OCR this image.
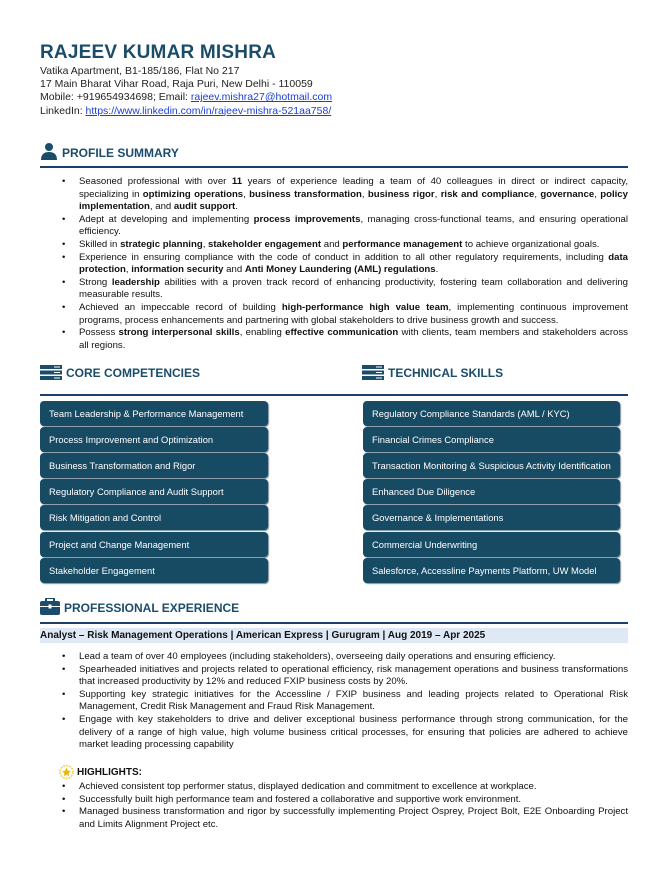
RAJEEV KUMAR MISHRA
Vatika Apartment, B1-185/186, Flat No 217
17 Main Bharat Vihar Road, Raja Puri, New Delhi - 110059
Mobile: +919654934698; Email: rajeev.mishra27@hotmail.com
LinkedIn: https://www.linkedin.com/in/rajeev-mishra-521aa758/
PROFILE SUMMARY
• Seasoned professional with over 11 years of experience leading a team of 40 colleagues in direct or indirect capacity, specializing in optimizing operations, business transformation, business rigor, risk and compliance, governance, policy implementation, and audit support.
• Adept at developing and implementing process improvements, managing cross-functional teams, and ensuring operational efficiency.
• Skilled in strategic planning, stakeholder engagement and performance management to achieve organizational goals.
• Experience in ensuring compliance with the code of conduct in addition to all other regulatory requirements, including data protection, information security and Anti Money Laundering (AML) regulations.
• Strong leadership abilities with a proven track record of enhancing productivity, fostering team collaboration and delivering measurable results.
• Achieved an impeccable record of building high-performance high value team, implementing continuous improvement programs, process enhancements and partnering with global stakeholders to drive business growth and success.
• Possess strong interpersonal skills, enabling effective communication with clients, team members and stakeholders across all regions.
CORE COMPETENCIES	TECHNICAL SKILLS
Team Leadership & Performance Management
Process Improvement and Optimization
Business Transformation and Rigor
Regulatory Compliance and Audit Support
Risk Mitigation and Control
Project and Change Management
Stakeholder Engagement
Regulatory Compliance Standards (AML / KYC)
Financial Crimes Compliance
Transaction Monitoring & Suspicious Activity Identification
Enhanced Due Diligence
Governance & Implementations
Commercial Underwriting
Salesforce, Accessline Payments Platform, UW Model
PROFESSIONAL EXPERIENCE
Analyst – Risk Management Operations | American Express | Gurugram | Aug 2019 – Apr 2025
• Lead a team of over 40 employees (including stakeholders), overseeing daily operations and ensuring efficiency.
• Spearheaded initiatives and projects related to operational efficiency, risk management operations and business transformations that increased productivity by 12% and reduced FXIP business costs by 20%.
• Supporting key strategic initiatives for the Accessline / FXIP business and leading projects related to Operational Risk Management, Credit Risk Management and Fraud Risk Management.
• Engage with key stakeholders to drive and deliver exceptional business performance through strong communication, for the delivery of a range of high value, high volume business critical processes, for ensuring that policies are adhered to achieve market leading processing capability
HIGHLIGHTS:
• Achieved consistent top performer status, displayed dedication and commitment to excellence at workplace.
• Successfully built high performance team and fostered a collaborative and supportive work environment.
• Managed business transformation and rigor by successfully implementing Project Osprey, Project Bolt, E2E Onboarding Project and Limits Alignment Project etc.
